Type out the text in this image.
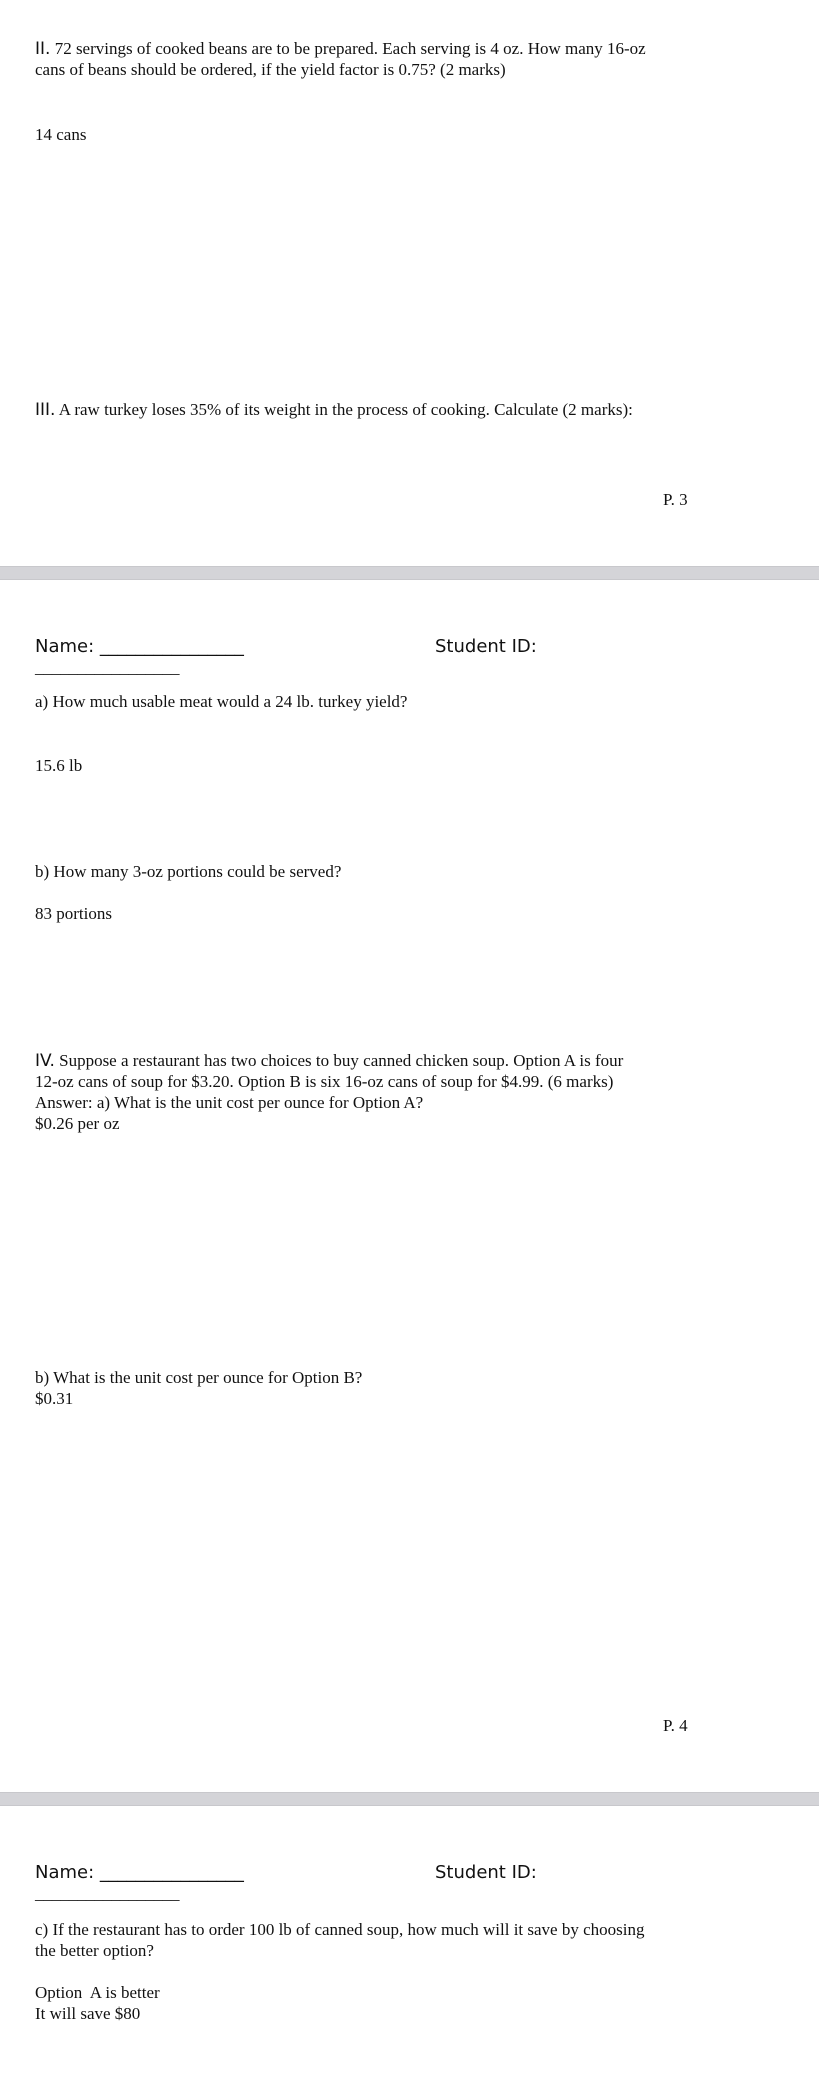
II. 72 servings of cooked beans are to be prepared. Each serving is 4 oz. How many 16-oz
cans of beans should be ordered, if the yield factor is 0.75? (2 marks)
14 cans
III. A raw turkey loses 35% of its weight in the process of cooking. Calculate (2 marks):
P. 3
Name: ________________	Student ID:
_________________
a) How much usable meat would a 24 lb. turkey yield?
15.6 lb
b) How many 3-oz portions could be served?
83 portions
IV. Suppose a restaurant has two choices to buy canned chicken soup. Option A is four
12-oz cans of soup for $3.20. Option B is six 16-oz cans of soup for $4.99. (6 marks)
Answer: a) What is the unit cost per ounce for Option A?
$0.26 per oz
b) What is the unit cost per ounce for Option B?
$0.31
P. 4
Name: ________________	Student ID:
_________________
c) If the restaurant has to order 100 lb of canned soup, how much will it save by choosing
the better option?
Option  A is better
It will save $80
